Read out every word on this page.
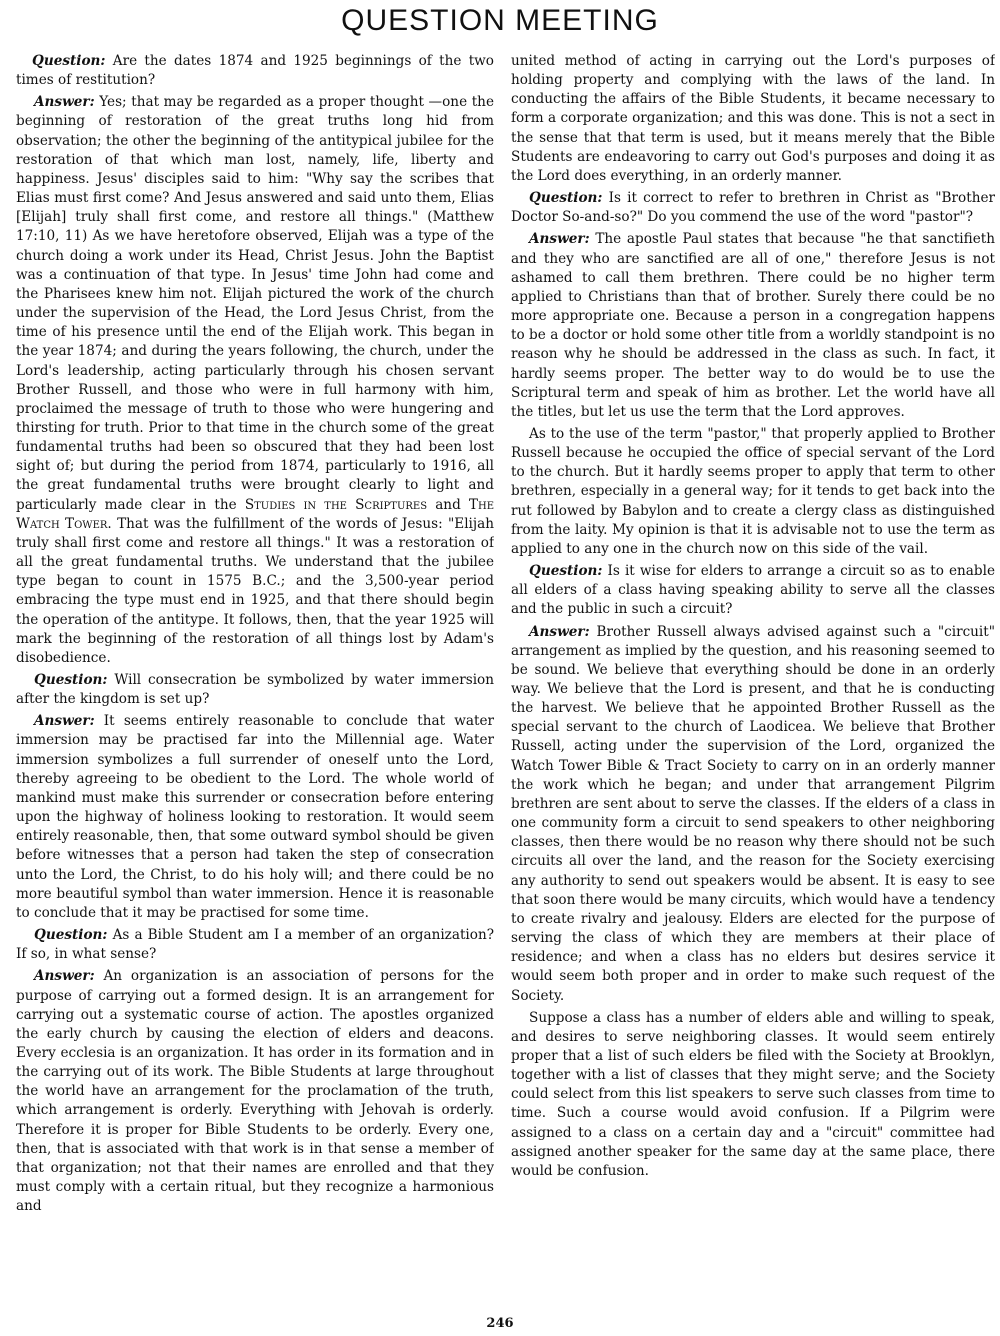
QUESTION MEETING

Question: Are the dates 1874 and 1925 beginnings of the two times of restitution?

Answer: Yes; that may be regarded as a proper thought —one the beginning of restoration of the great truths long hid from observation; the other the beginning of the antitypical jubilee for the restoration of that which man lost, namely, life, liberty and happiness. Jesus' disciples said to him: "Why say the scribes that Elias must first come? And Jesus answered and said unto them, Elias [Elijah] truly shall first come, and restore all things." (Matthew 17:10, 11) As we have heretofore observed, Elijah was a type of the church doing a work under its Head, Christ Jesus. John the Baptist was a continuation of that type. In Jesus' time John had come and the Pharisees knew him not. Elijah pictured the work of the church under the supervision of the Head, the Lord Jesus Christ, from the time of his presence until the end of the Elijah work. This began in the year 1874; and during the years following, the church, under the Lord's leadership, acting particularly through his chosen servant Brother Russell, and those who were in full harmony with him, proclaimed the message of truth to those who were hungering and thirsting for truth. Prior to that time in the church some of the great fundamental truths had been so obscured that they had been lost sight of; but during the period from 1874, particularly to 1916, all the great fundamental truths were brought clearly to light and particularly made clear in the Studies in the Scriptures and The Watch Tower. That was the fulfillment of the words of Jesus: "Elijah truly shall first come and restore all things." It was a restoration of all the great fundamental truths. We understand that the jubilee type began to count in 1575 B.C.; and the 3,500-year period embracing the type must end in 1925, and that there should begin the operation of the antitype. It follows, then, that the year 1925 will mark the beginning of the restoration of all things lost by Adam's disobedience.

Question: Will consecration be symbolized by water immersion after the kingdom is set up?

Answer: It seems entirely reasonable to conclude that water immersion may be practised far into the Millennial age. Water immersion symbolizes a full surrender of oneself unto the Lord, thereby agreeing to be obedient to the Lord. The whole world of mankind must make this surrender or consecration before entering upon the highway of holiness looking to restoration. It would seem entirely reasonable, then, that some outward symbol should be given before witnesses that a person had taken the step of consecration unto the Lord, the Christ, to do his holy will; and there could be no more beautiful symbol than water immersion. Hence it is reasonable to conclude that it may be practised for some time.

Question: As a Bible Student am I a member of an organization? If so, in what sense?

Answer: An organization is an association of persons for the purpose of carrying out a formed design. It is an arrangement for carrying out a systematic course of action. The apostles organized the early church by causing the election of elders and deacons. Every ecclesia is an organization. It has order in its formation and in the carrying out of its work. The Bible Students at large throughout the world have an arrangement for the proclamation of the truth, which arrangement is orderly. Everything with Jehovah is orderly. Therefore it is proper for Bible Students to be orderly. Every one, then, that is associated with that work is in that sense a member of that organization; not that their names are enrolled and that they must comply with a certain ritual, but they recognize a harmonious and

united method of acting in carrying out the Lord's purposes of holding property and complying with the laws of the land. In conducting the affairs of the Bible Students, it became necessary to form a corporate organization; and this was done. This is not a sect in the sense that that term is used, but it means merely that the Bible Students are endeavoring to carry out God's purposes and doing it as the Lord does everything, in an orderly manner.

Question: Is it correct to refer to brethren in Christ as "Brother Doctor So-and-so?" Do you commend the use of the word "pastor"?

Answer: The apostle Paul states that because "he that sanctifieth and they who are sanctified are all of one," therefore Jesus is not ashamed to call them brethren. There could be no higher term applied to Christians than that of brother. Surely there could be no more appropriate one. Because a person in a congregation happens to be a doctor or hold some other title from a worldly standpoint is no reason why he should be addressed in the class as such. In fact, it hardly seems proper. The better way to do would be to use the Scriptural term and speak of him as brother. Let the world have all the titles, but let us use the term that the Lord approves.

As to the use of the term "pastor," that properly applied to Brother Russell because he occupied the office of special servant of the Lord to the church. But it hardly seems proper to apply that term to other brethren, especially in a general way; for it tends to get back into the rut followed by Babylon and to create a clergy class as distinguished from the laity. My opinion is that it is advisable not to use the term as applied to any one in the church now on this side of the vail.

Question: Is it wise for elders to arrange a circuit so as to enable all elders of a class having speaking ability to serve all the classes and the public in such a circuit?

Answer: Brother Russell always advised against such a "circuit" arrangement as implied by the question, and his reasoning seemed to be sound. We believe that everything should be done in an orderly way. We believe that the Lord is present, and that he is conducting the harvest. We believe that he appointed Brother Russell as the special servant to the church of Laodicea. We believe that Brother Russell, acting under the supervision of the Lord, organized the Watch Tower Bible & Tract Society to carry on in an orderly manner the work which he began; and under that arrangement Pilgrim brethren are sent about to serve the classes. If the elders of a class in one community form a circuit to send speakers to other neighboring classes, then there would be no reason why there should not be such circuits all over the land, and the reason for the Society exercising any authority to send out speakers would be absent. It is easy to see that soon there would be many circuits, which would have a tendency to create rivalry and jealousy. Elders are elected for the purpose of serving the class of which they are members at their place of residence; and when a class has no elders but desires service it would seem both proper and in order to make such request of the Society.

Suppose a class has a number of elders able and willing to speak, and desires to serve neighboring classes. It would seem entirely proper that a list of such elders be filed with the Society at Brooklyn, together with a list of classes that they might serve; and the Society could select from this list speakers to serve such classes from time to time. Such a course would avoid confusion. If a Pilgrim were assigned to a class on a certain day and a "circuit" committee had assigned another speaker for the same day at the same place, there would be confusion.

246
